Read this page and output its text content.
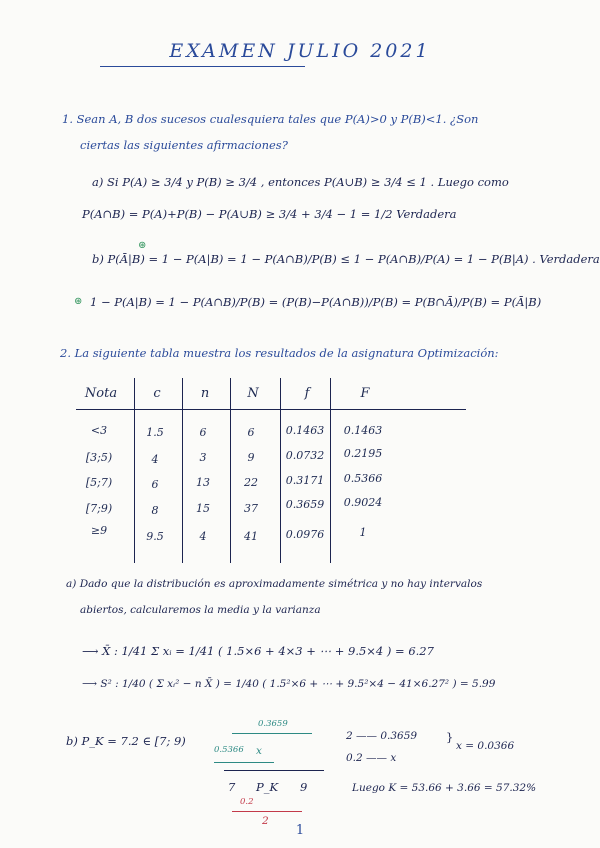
EXAMEN JULIO 2021
1. Sean A, B dos sucesos cualesquiera tales que P(A)>0 y P(B)<1. ¿Son
ciertas las siguientes afirmaciones?
a) Si P(A) ≥ 3/4 y P(B) ≥ 3/4 , entonces P(A∪B) ≥ 3/4 ≤ 1 . Luego como
P(A∩B) = P(A)+P(B) − P(A∪B) ≥ 3/4 + 3/4 − 1 = 1/2 Verdadera
⊛
b) P(Ā|B) = 1 − P(A|B) = 1 − P(A∩B)/P(B) ≤ 1 − P(A∩B)/P(A) = 1 − P(B|A) . Verdadera
⊛ 1 − P(A|B) = 1 − P(A∩B)/P(B) = (P(B)−P(A∩B))/P(B) = P(B∩Ā)/P(B) = P(Ā|B)
2. La siguiente tabla muestra los resultados de la asignatura Optimización:
Nota	c	n	N	f	F
<3	1.5	6	6	0.1463	0.1463
[3;5)	4	3	9	0.0732	0.2195
[5;7)	6	13	22	0.3171	0.5366
[7;9)	8	15	37	0.3659	0.9024
≥9	9.5	4	41	0.0976	1
a) Dado que la distribución es aproximadamente simétrica y no hay intervalos
abiertos, calcularemos la media y la varianza
⟶ X̄ : 1/41 Σ xᵢ = 1/41 ( 1.5×6 + 4×3 + ⋯ + 9.5×4 ) = 6.27
⟶ S² : 1/40 ( Σ xᵢ² − n X̄ ) = 1/40 ( 1.5²×6 + ⋯ + 9.5²×4 − 41×6.27² ) = 5.99
b) P_K = 7.2 ∈ [7; 9)
0.3659
0.5366 x
7 P_K 9
0.2
2
2 —— 0.3659
0.2 —— x
}
x = 0.0366
Luego K = 53.66 + 3.66 = 57.32%
1
